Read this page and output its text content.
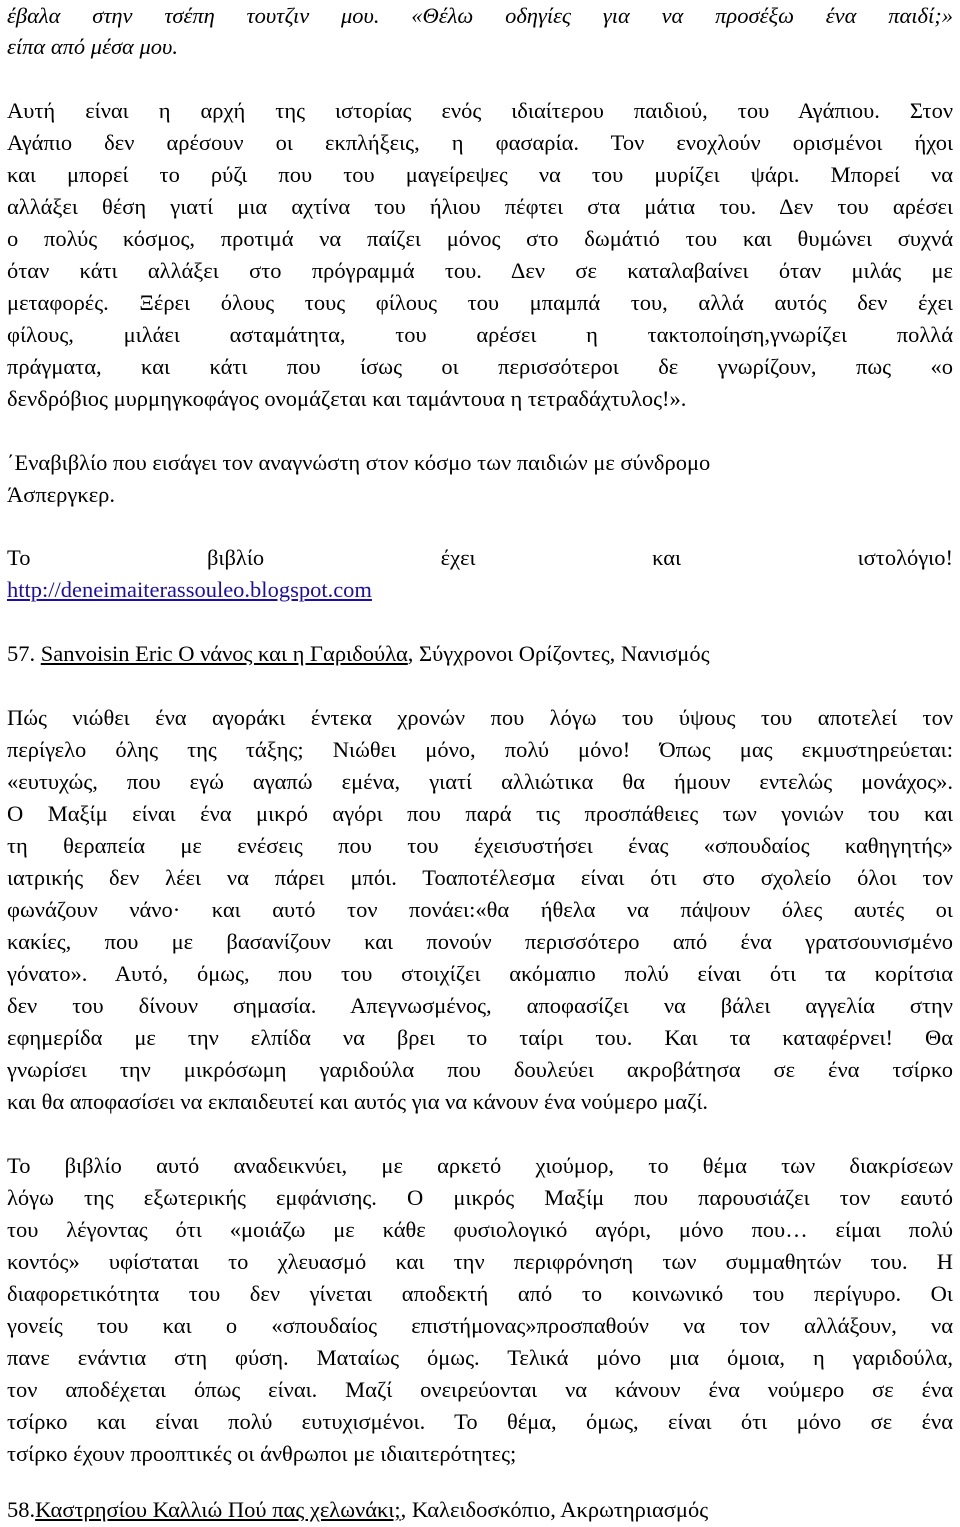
έβαλα στην τσέπη τουτζιν μου. «Θέλω οδηγίες για να προσέξω ένα παιδί;»
είπα από μέσα μου.
Αυτή είναι η αρχή της ιστορίας ενός ιδιαίτερου παιδιού, του Αγάπιου. Στον
Αγάπιο δεν αρέσουν οι εκπλήξεις, η φασαρία. Τον ενοχλούν ορισμένοι ήχοι
και μπορεί το ρύζι που του μαγείρεψες να του μυρίζει ψάρι. Μπορεί να
αλλάξει θέση γιατί μια αχτίνα του ήλιου πέφτει στα μάτια του. Δεν του αρέσει
ο πολύς κόσμος, προτιμά να παίζει μόνος στο δωμάτιό του και θυμώνει συχνά
όταν κάτι αλλάξει στο πρόγραμμά του. Δεν σε καταλαβαίνει όταν μιλάς με
μεταφορές. Ξέρει όλους τους φίλους του μπαμπά του, αλλά αυτός δεν έχει
φίλους, μιλάει ασταμάτητα, του αρέσει η τακτοποίηση,γνωρίζει πολλά
πράγματα, και κάτι που ίσως οι περισσότεροι δε γνωρίζουν, πως «ο
δενδρόβιος μυρμηγκοφάγος ονομάζεται και ταμάντουα η τετραδάχτυλος!».
΄Εναβιβλίο που εισάγει τον αναγνώστη στον κόσμο των παιδιών με σύνδρομο
Άσπεργκερ.
Το	βιβλίο	έχει	και	ιστολόγιο!
http://deneimaiterassouleo.blogspot.com
57. Sanvoisin Eric Ο νάνος και η Γαριδούλα, Σύγχρονοι Ορίζοντες, Νανισμός
Πώς νιώθει ένα αγοράκι έντεκα χρονών που λόγω του ύψους του αποτελεί τον
περίγελο όλης της τάξης; Νιώθει μόνο, πολύ μόνο! Όπως μας εκμυστηρεύεται:
«ευτυχώς, που εγώ αγαπώ εμένα, γιατί αλλιώτικα θα ήμουν εντελώς μονάχος».
Ο Μαξίμ είναι ένα μικρό αγόρι που παρά τις προσπάθειες των γονιών του και
τη θεραπεία με ενέσεις που του έχεισυστήσει ένας «σπουδαίος καθηγητής»
ιατρικής δεν λέει να πάρει μπόι. Τοαποτέλεσμα είναι ότι στο σχολείο όλοι τον
φωνάζουν νάνο· και αυτό τον πονάει:«θα ήθελα να πάψουν όλες αυτές οι
κακίες, που με βασανίζουν και πονούν περισσότερο από ένα γρατσουνισμένο
γόνατο». Αυτό, όμως, που του στοιχίζει ακόμαπιο πολύ είναι ότι τα κορίτσια
δεν του δίνουν σημασία. Απεγνωσμένος, αποφασίζει να βάλει αγγελία στην
εφημερίδα με την ελπίδα να βρει το ταίρι του. Και τα καταφέρνει! Θα
γνωρίσει την μικρόσωμη γαριδούλα που δουλεύει ακροβάτησα σε ένα τσίρκο
και θα αποφασίσει να εκπαιδευτεί και αυτός για να κάνουν ένα νούμερο μαζί.
Το βιβλίο αυτό αναδεικνύει, με αρκετό χιούμορ, το θέμα των διακρίσεων
λόγω της εξωτερικής εμφάνισης. Ο μικρός Μαξίμ που παρουσιάζει τον εαυτό
του λέγοντας ότι «μοιάζω με κάθε φυσιολογικό αγόρι, μόνο που… είμαι πολύ
κοντός» υφίσταται το χλευασμό και την περιφρόνηση των συμμαθητών του. Η
διαφορετικότητα του δεν γίνεται αποδεκτή από το κοινωνικό του περίγυρο. Οι
γονείς του και ο «σπουδαίος επιστήμονας»προσπαθούν να τον αλλάξουν, να
πανε ενάντια στη φύση. Ματαίως όμως. Τελικά μόνο μια όμοια, η γαριδούλα,
τον αποδέχεται όπως είναι. Μαζί ονειρεύονται να κάνουν ένα νούμερο σε ένα
τσίρκο και είναι πολύ ευτυχισμένοι. Το θέμα, όμως, είναι ότι μόνο σε ένα
τσίρκο έχουν προοπτικές οι άνθρωποι με ιδιαιτερότητες;
58.Καστρησίου Καλλιώ Πού πας χελωνάκι;, Καλειδοσκόπιο, Ακρωτηριασμός
